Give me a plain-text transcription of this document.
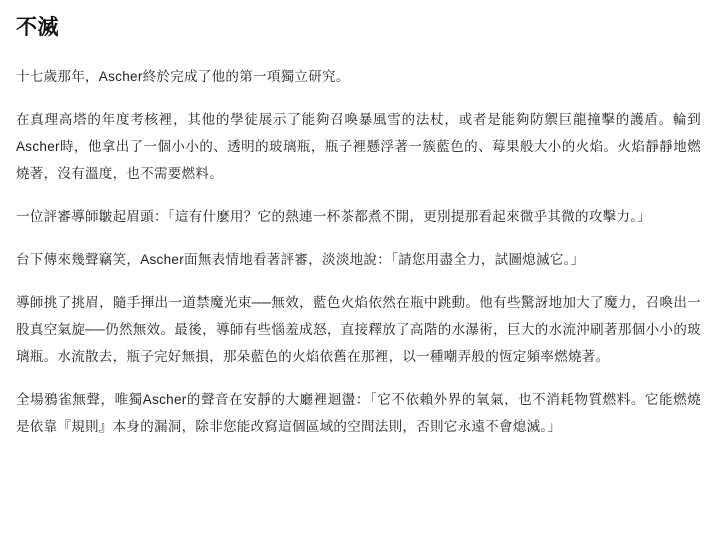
不滅

十七歲那年，Ascher終於完成了他的第一項獨立研究。

在真理高塔的年度考核裡，其他的學徒展示了能夠召喚暴風雪的法杖，或者是能夠防禦巨龍撞擊的護盾。輪到Ascher時，他拿出了一個小小的、透明的玻璃瓶，瓶子裡懸浮著一簇藍色的、莓果般大小的火焰。火焰靜靜地燃燒著，沒有溫度，也不需要燃料。

一位評審導師皺起眉頭：「這有什麼用？它的熱連一杯茶都煮不開，更別提那看起來微乎其微的攻擊力。」

台下傳來幾聲竊笑，Ascher面無表情地看著評審，淡淡地說：「請您用盡全力，試圖熄滅它。」

導師挑了挑眉，隨手揮出一道禁魔光束──無效，藍色火焰依然在瓶中跳動。他有些驚訝地加大了魔力，召喚出一股真空氣旋──仍然無效。最後，導師有些惱羞成怒，直接釋放了高階的水瀑術，巨大的水流沖刷著那個小小的玻璃瓶。水流散去，瓶子完好無損，那朵藍色的火焰依舊在那裡，以一種嘲弄般的恆定頻率燃燒著。

全場鴉雀無聲，唯獨Ascher的聲音在安靜的大廳裡迴盪：「它不依賴外界的氧氣，也不消耗物質燃料。它能燃燒是依靠『規則』本身的漏洞，除非您能改寫這個區域的空間法則，否則它永遠不會熄滅。」
